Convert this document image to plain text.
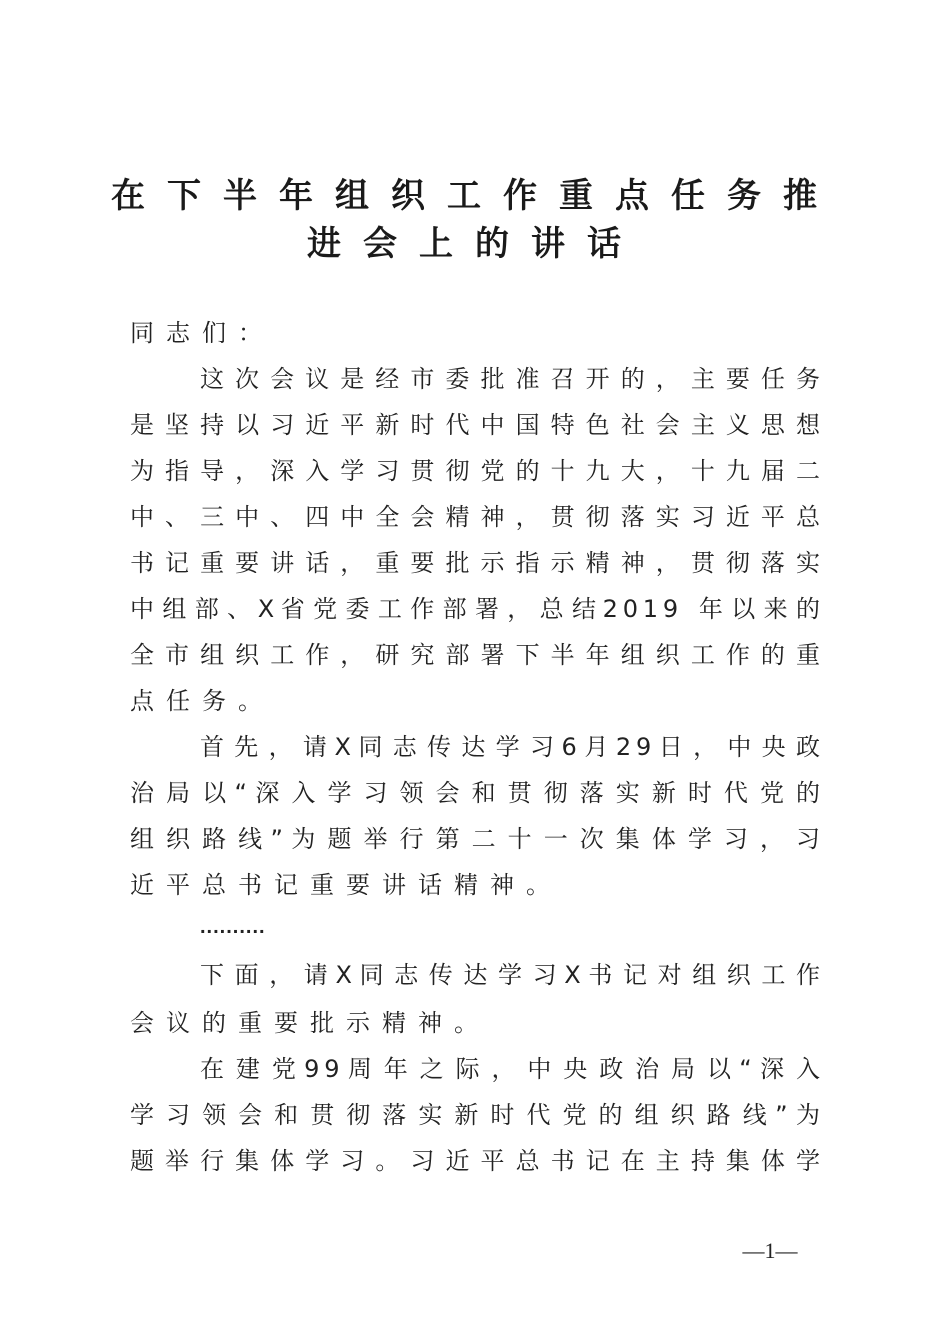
在下半年组织工作重点任务推
进会上的讲话
同志们：
这 次 会 议 是 经 市 委 批 准 召 开 的 ， 主 要 任 务
是 坚 持 以 习 近 平 新 时 代 中 国 特 色 社 会 主 义 思 想
为 指 导 ， 深 入 学 习 贯 彻 党 的 十 九 大 ， 十 九 届 二
中 、 三 中 、 四 中 全 会 精 神 ， 贯 彻 落 实 习 近 平 总
书 记 重 要 讲 话 ， 重 要 批 示 指 示 精 神 ， 贯 彻 落 实
中 组 部 、 X 省 党 委 工 作 部 署 ， 总 结 2 0 1 9   年 以 来 的
全 市 组 织 工 作 ， 研 究 部 署 下 半 年 组 织 工 作 的 重
点任务。
首 先 ， 请 X 同 志 传 达 学 习 6 月 2 9 日 ， 中 央 政
治 局 以 “ 深 入 学 习 领 会 和 贯 彻 落 实 新 时 代 党 的
组 织 路 线 ” 为 题 举 行 第 二 十 一 次 集 体 学 习 ， 习
近平总书记重要讲话精神。
..........
下 面 ， 请 X 同 志 传 达 学 习 X 书 记 对 组 织 工 作
会议的重要批示精神。
在 建 党 9 9 周 年 之 际 ， 中 央 政 治 局 以 “ 深 入
学 习 领 会 和 贯 彻 落 实 新 时 代 党 的 组 织 路 线 ” 为
题 举 行 集 体 学 习 。 习 近 平 总 书 记 在 主 持 集 体 学
—1—
